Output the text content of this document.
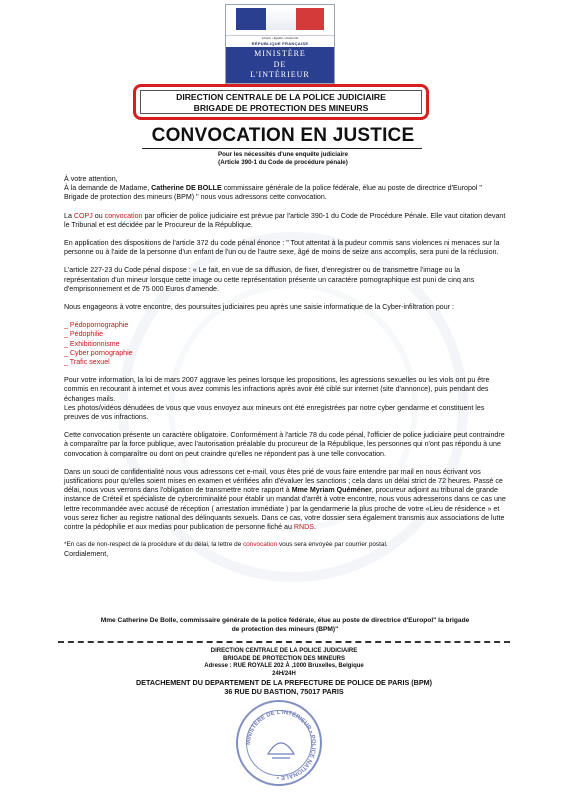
Liberté • Égalité • Fraternité
RÉPUBLIQUE FRANÇAISE
MINISTÈRE
DE
L'INTÉRIEUR
DIRECTION CENTRALE DE LA POLICE JUDICIAIRE
BRIGADE DE PROTECTION DES MINEURS
CONVOCATION EN JUSTICE
Pour les nécessités d'une enquête judiciaire
(Article 390-1 du Code de procédure pénale)

À votre attention,
À la demande de Madame, Catherine DE BOLLE commissaire générale de la police fédérale, élue au poste de directrice d'Europol " Brigade de protection des mineurs (BPM) " nous vous adressons cette convocation.

La COPJ ou convocation par officier de police judiciaire est prévue par l'article 390-1 du Code de Procédure Pénale. Elle vaut citation devant le Tribunal et est décidée par le Procureur de la République.

En application des dispositions de l'article 372 du code pénal énonce : " Tout attentat à la pudeur commis sans violences ni menaces sur la personne ou à l'aide de la personne d'un enfant de l'un ou de l'autre sexe, âgé de moins de seize ans accomplis, sera puni de la réclusion.

L'article 227-23 du Code pénal dispose : « Le fait, en vue de sa diffusion, de fixer, d'enregistrer ou de transmettre l'image ou la représentation d'un mineur lorsque cette image ou cette représentation présente un caractère pornographique est puni de cinq ans d'emprisonnement et de 75 000 Euros d'amende.

Nous engageons à votre encontre, des poursuites judiciaires peu après une saisie informatique de la Cyber-infiltration pour :

_ Pédopornographie
_ Pédophilie
_ Exhibitionnisme
_ Cyber pornographie
_ Trafic sexuel

Pour votre information, la loi de mars 2007 aggrave les peines lorsque les propositions, les agressions sexuelles ou les viols ont pu être commis en recourant à internet et vous avez commis les infractions après avoir été ciblé sur internet (site d'annonce), puis pendant des échanges mails.
Les photos/vidéos dénudées de vous que vous envoyez aux mineurs ont été enregistrées par notre cyber gendarme et constituent les preuves de vos infractions.

Cette convocation présente un caractère obligatoire. Conformément à l'article 78 du code pénal, l'officier de police judiciaire peut contraindre à comparaître par la force publique, avec l'autorisation préalable du procureur de la République, les personnes qui n'ont pas répondu à une convocation à comparaître ou dont on peut craindre qu'elles ne répondent pas à une telle convocation.

Dans un souci de confidentialité nous vous adressons cet e-mail, vous êtes prié de vous faire entendre par mail en nous écrivant vos justifications pour qu'elles soient mises en examen et vérifiées afin d'évaluer les sanctions ; cela dans un délai strict de 72 heures. Passé ce délai, nous vous verrons dans l'obligation de transmettre notre rapport à Mme Myriam Quéméner, procureur adjoint au tribunal de grande instance de Créteil et spécialiste de cybercriminalité pour établir un mandat d'arrêt à votre encontre, nous vous adresserons dans ce cas une lettre recommandée avec accusé de réception ( arrestation immédiate ) par la gendarmerie la plus proche de votre «Lieu de résidence » et vous serez ficher au registre national des délinquants sexuels. Dans ce cas, votre dossier sera également transmis aux associations de lutte contre la pédophilie et aux medias pour publication de personne fiché au RNDS.

*En cas de non-respect de la procédure et du délai, la lettre de convocation vous sera envoyée par courrier postal.
Cordialement,
Mme Catherine De Bolle, commissaire générale de la police fédérale, élue au poste de directrice d'Europol" la brigade
de protection des mineurs (BPM)"
DIRECTION CENTRALE DE LA POLICE JUDICIAIRE
BRIGADE DE PROTECTION DES MINEURS
Adresse : RUE ROYALE 202 À ,1000 Bruxelles, Belgique
24H/24H
DETACHEMENT DU DEPARTEMENT DE LA PREFECTURE DE POLICE DE PARIS (BPM)
36 RUE DU BASTION, 75017 PARIS
MINISTÈRE DE L'INTÉRIEUR • POLICE NATIONALE •
